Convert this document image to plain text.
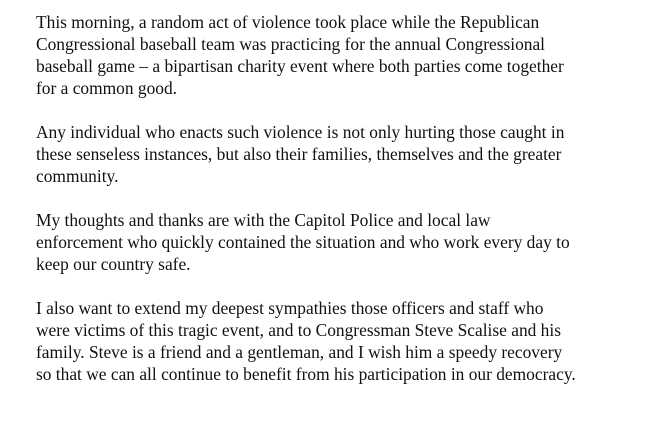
This morning, a random act of violence took place while the Republican
Congressional baseball team was practicing for the annual Congressional
baseball game – a bipartisan charity event where both parties come together
for a common good.

Any individual who enacts such violence is not only hurting those caught in
these senseless instances, but also their families, themselves and the greater
community.

My thoughts and thanks are with the Capitol Police and local law
enforcement who quickly contained the situation and who work every day to
keep our country safe.

I also want to extend my deepest sympathies those officers and staff who
were victims of this tragic event, and to Congressman Steve Scalise and his
family. Steve is a friend and a gentleman, and I wish him a speedy recovery
so that we can all continue to benefit from his participation in our democracy.
